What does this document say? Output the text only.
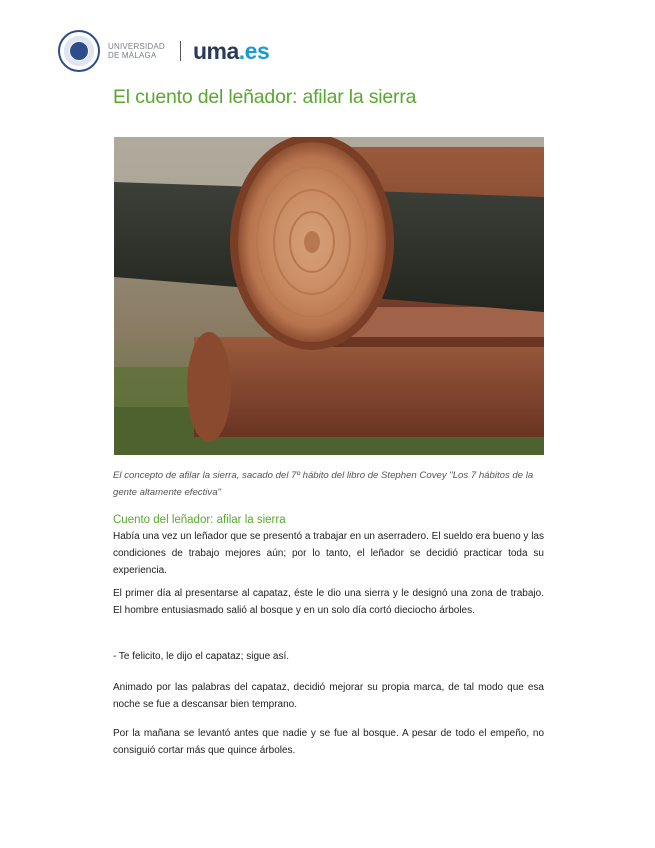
UNIVERSIDAD
DE MÁLAGA	uma.es
El cuento del leñador: afilar la sierra

El concepto de afilar la sierra, sacado del 7º hábito del libro de Stephen Covey "Los 7 hábitos de la gente altamente efectiva"

Cuento del leñador: afilar la sierra

Había una vez un leñador que se presentó a trabajar en un aserradero. El sueldo era bueno y las condiciones de trabajo mejores aún; por lo tanto, el leñador se decidió practicar toda su experiencia.

El primer día al presentarse al capataz, éste le dio una sierra y le designó una zona de trabajo. El hombre entusiasmado salió al bosque y en un solo día cortó dieciocho árboles.

- Te felicito, le dijo el capataz; sigue así.

Animado por las palabras del capataz, decidió mejorar su propia marca, de tal modo que esa noche se fue a descansar bien temprano.

Por la mañana se levantó antes que nadie y se fue al bosque. A pesar de todo el empeño, no consiguió cortar más que quince árboles.
